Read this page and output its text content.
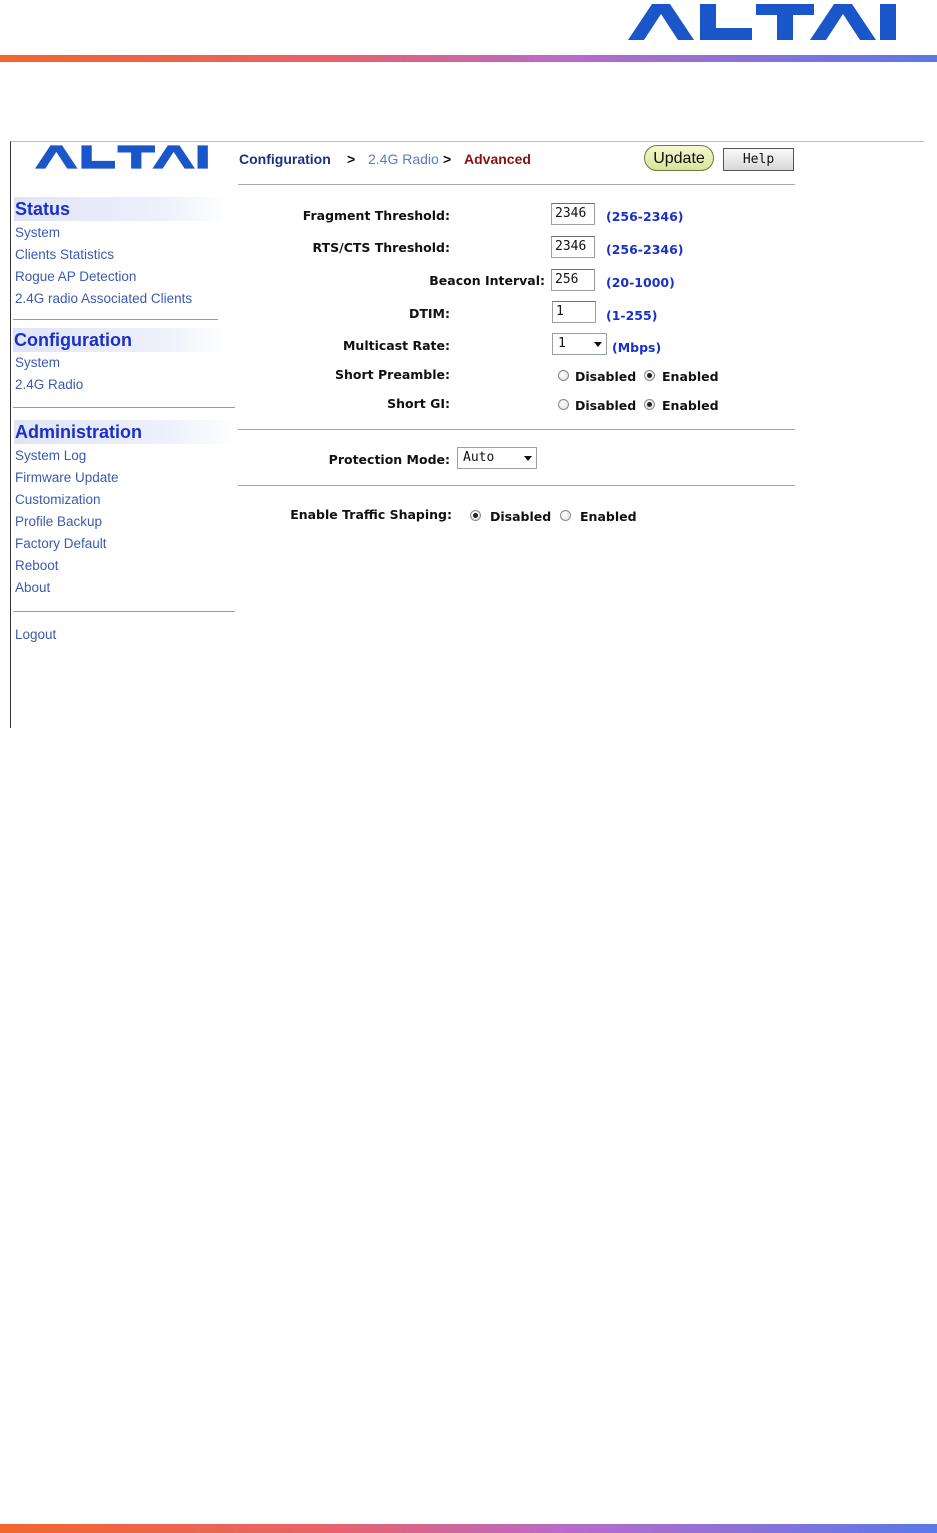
Status
System
Clients Statistics
Rogue AP Detection
2.4G radio Associated Clients
Configuration
System
2.4G Radio
Administration
System Log
Firmware Update
Customization
Profile Backup
Factory Default
Reboot
About
Logout
Configuration > 2.4G Radio > Advanced	Update	Help
Fragment Threshold:	2346	(256-2346)
RTS/CTS Threshold:	2346	(256-2346)
Beacon Interval: 256	(20-1000)
DTIM:	1	(1-255)
Multicast Rate:	1	(Mbps)
Short Preamble:	Disabled Enabled
Short GI:	Disabled Enabled
Protection Mode:	Auto
Enable Traffic Shaping:	Disabled Enabled
